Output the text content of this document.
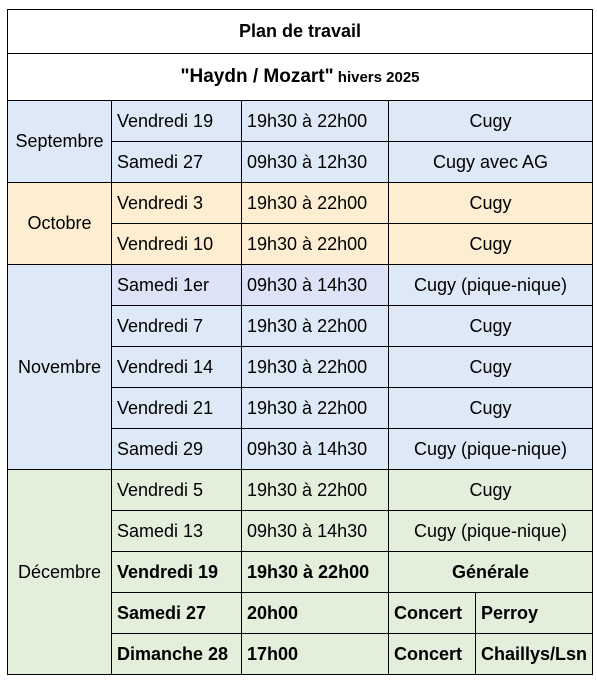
Plan de travail				
"Haydn / Mozart" hivers 2025				
Septembre	Vendredi 19	19h30 à 22h00	Cugy	
	Samedi 27	09h30 à 12h30	Cugy avec AG	
Octobre	Vendredi 3	19h30 à 22h00	Cugy	
	Vendredi 10	19h30 à 22h00	Cugy	
Novembre	Samedi 1er	09h30 à 14h30	Cugy (pique-nique)	
	Vendredi 7	19h30 à 22h00	Cugy	
	Vendredi 14	19h30 à 22h00	Cugy	
	Vendredi 21	19h30 à 22h00	Cugy	
	Samedi 29	09h30 à 14h30	Cugy (pique-nique)	
Décembre	Vendredi 5	19h30 à 22h00	Cugy	
	Samedi 13	09h30 à 14h30	Cugy (pique-nique)	
	Vendredi 19	19h30 à 22h00	Générale	
	Samedi 27	20h00	Concert	Perroy
	Dimanche 28	17h00	Concert	Chaillys/Lsn
